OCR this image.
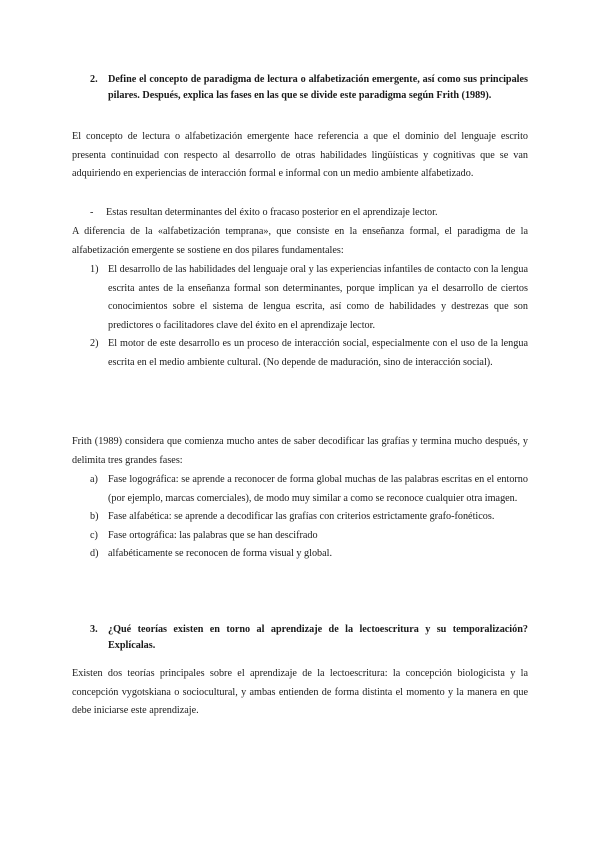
2.	Define el concepto de paradigma de lectura o alfabetización emergente, así como sus principales pilares. Después, explica las fases en las que se divide este paradigma según Frith (1989).

El concepto de lectura o alfabetización emergente hace referencia a que el dominio del lenguaje escrito presenta continuidad con respecto al desarrollo de otras habilidades lingüísticas y cognitivas que se van adquiriendo en experiencias de interacción formal e informal con un medio ambiente alfabetizado.

-	Estas resultan determinantes del éxito o fracaso posterior en el aprendizaje lector.

A diferencia de la «alfabetización temprana», que consiste en la enseñanza formal, el paradigma de la alfabetización emergente se sostiene en dos pilares fundamentales:

1) El desarrollo de las habilidades del lenguaje oral y las experiencias infantiles de contacto con la lengua escrita antes de la enseñanza formal son determinantes, porque implican ya el desarrollo de ciertos conocimientos sobre el sistema de lengua escrita, así como de habilidades y destrezas que son predictores o facilitadores clave del éxito en el aprendizaje lector.
2) El motor de este desarrollo es un proceso de interacción social, especialmente con el uso de la lengua escrita en el medio ambiente cultural. (No depende de maduración, sino de interacción social).

Frith (1989) considera que comienza mucho antes de saber decodificar las grafías y termina mucho después, y delimita tres grandes fases:

a) Fase logográfica: se aprende a reconocer de forma global muchas de las palabras escritas en el entorno (por ejemplo, marcas comerciales), de modo muy similar a como se reconoce cualquier otra imagen.
b) Fase alfabética: se aprende a decodificar las grafías con criterios estrictamente grafo-fonéticos.
c) Fase ortográfica: las palabras que se han descifrado
d) alfabéticamente se reconocen de forma visual y global.
3.	¿Qué teorías existen en torno al aprendizaje de la lectoescritura y su temporalización? Explícalas.

Existen dos teorías principales sobre el aprendizaje de la lectoescritura: la concepción biologicista y la concepción vygotskiana o sociocultural, y ambas entienden de forma distinta el momento y la manera en que debe iniciarse este aprendizaje.
